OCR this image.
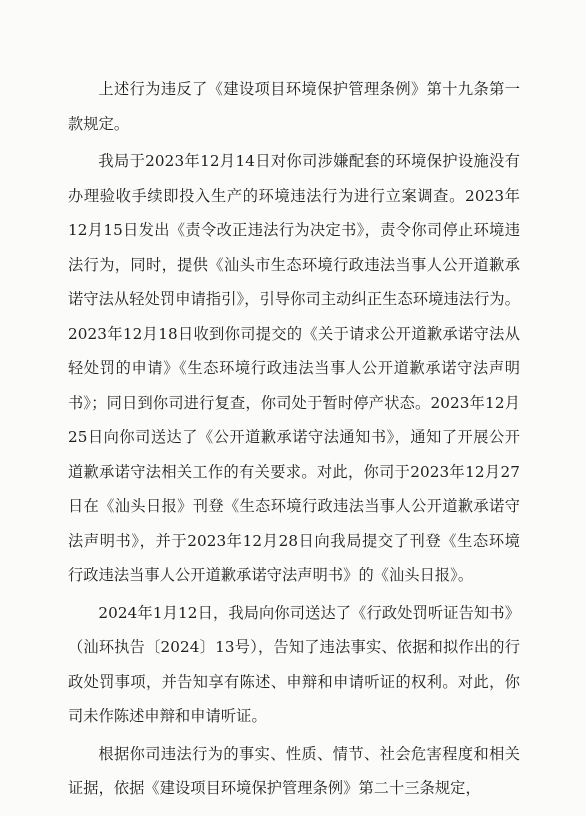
上述行为违反了《建设项目环境保护管理条例》第十九条第一款规定。

我局于2023年12月14日对你司涉嫌配套的环境保护设施没有办理验收手续即投入生产的环境违法行为进行立案调查。2023年12月15日发出《责令改正违法行为决定书》，责令你司停止环境违法行为，同时，提供《汕头市生态环境行政违法当事人公开道歉承诺守法从轻处罚申请指引》，引导你司主动纠正生态环境违法行为。2023年12月18日收到你司提交的《关于请求公开道歉承诺守法从轻处罚的申请》《生态环境行政违法当事人公开道歉承诺守法声明书》；同日到你司进行复查，你司处于暂时停产状态。2023年12月25日向你司送达了《公开道歉承诺守法通知书》，通知了开展公开道歉承诺守法相关工作的有关要求。对此，你司于2023年12月27日在《汕头日报》刊登《生态环境行政违法当事人公开道歉承诺守法声明书》，并于2023年12月28日向我局提交了刊登《生态环境行政违法当事人公开道歉承诺守法声明书》的《汕头日报》。

2024年1月12日，我局向你司送达了《行政处罚听证告知书》（汕环执告〔2024〕13号），告知了违法事实、依据和拟作出的行政处罚事项，并告知享有陈述、申辩和申请听证的权利。对此，你司未作陈述申辩和申请听证。

根据你司违法行为的事实、性质、情节、社会危害程度和相关证据，依据《建设项目环境保护管理条例》第二十三条规定，
